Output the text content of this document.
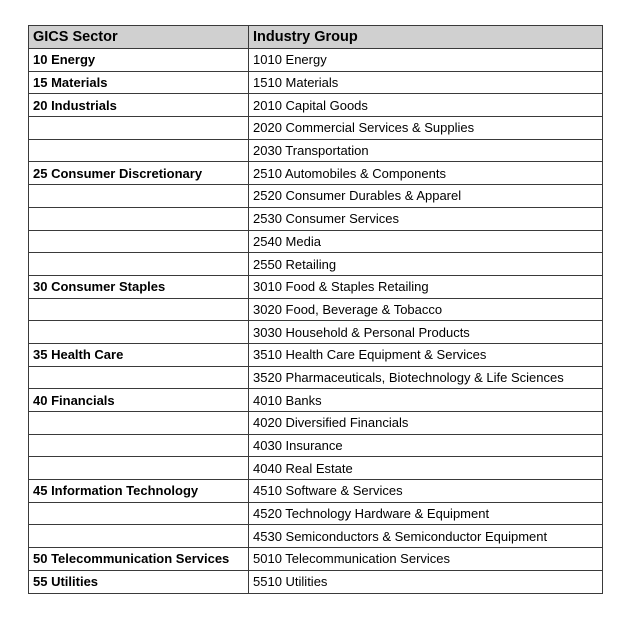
GICS Sector	Industry Group
10 Energy	1010 Energy
15 Materials	1510 Materials
20 Industrials	2010 Capital Goods
	2020 Commercial Services & Supplies
	2030 Transportation
25 Consumer Discretionary	2510 Automobiles & Components
	2520 Consumer Durables & Apparel
	2530 Consumer Services
	2540 Media
	2550 Retailing
30 Consumer Staples	3010 Food & Staples Retailing
	3020 Food, Beverage & Tobacco
	3030 Household & Personal Products
35 Health Care	3510 Health Care Equipment & Services
	3520 Pharmaceuticals, Biotechnology & Life Sciences
40 Financials	4010 Banks
	4020 Diversified Financials
	4030 Insurance
	4040 Real Estate
45 Information Technology	4510 Software & Services
	4520 Technology Hardware & Equipment
	4530 Semiconductors & Semiconductor Equipment
50 Telecommunication Services	5010 Telecommunication Services
55 Utilities	5510 Utilities
